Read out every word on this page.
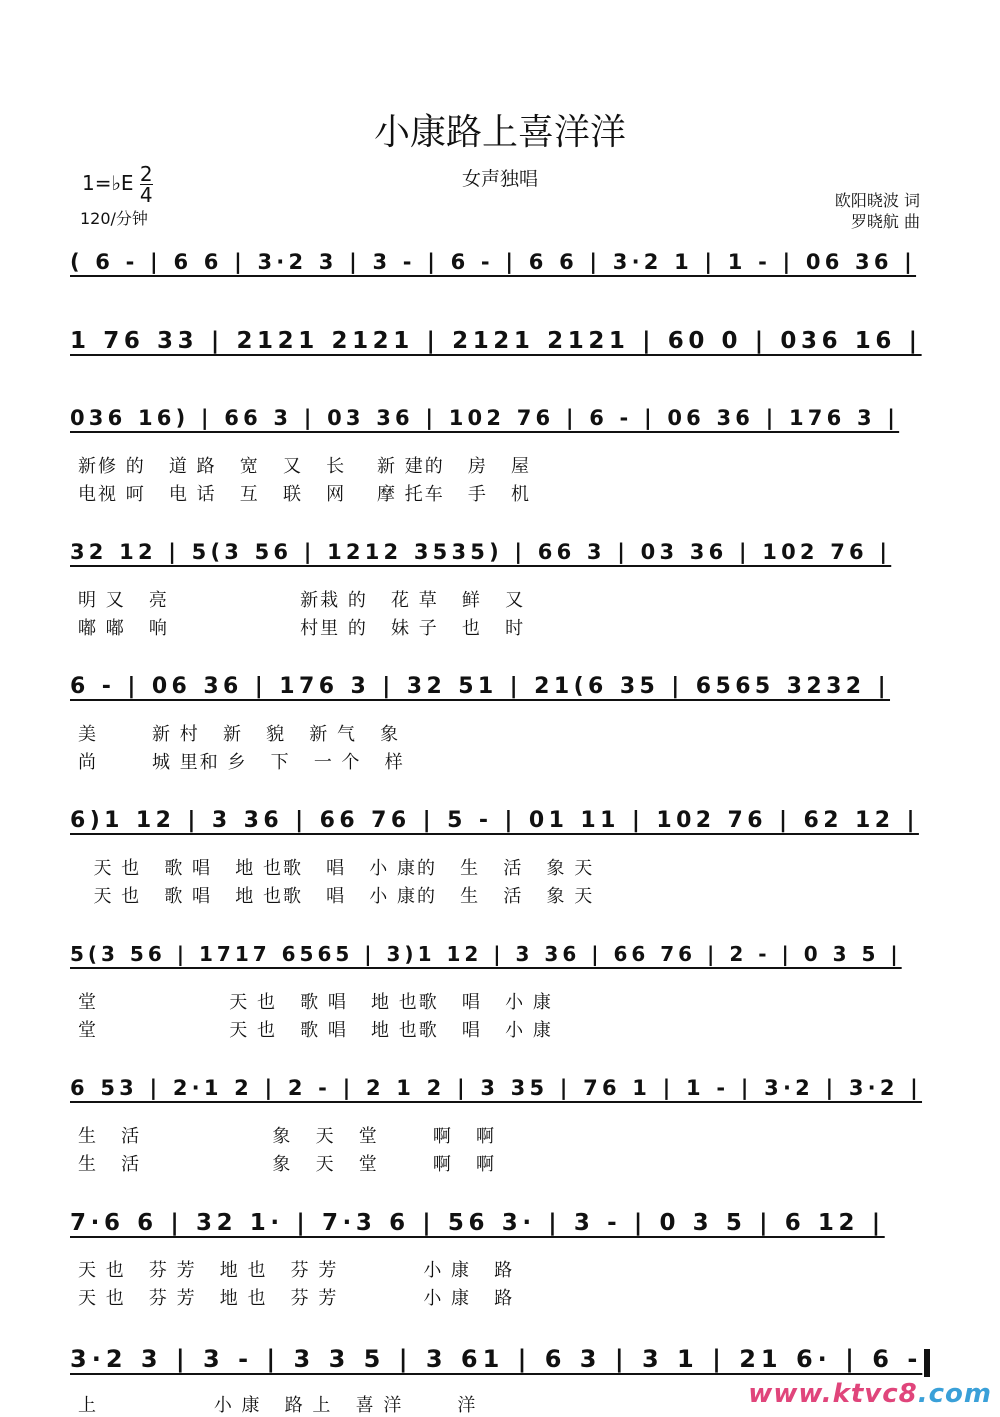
小康路上喜洋洋
女声独唱
1=♭E $\frac{2}{4}$
120/分钟
欧阳晓波 词
罗晓航 曲
( 6 - | 6 6 | 3·2 3 | 3 - | 6 - | 6 6 | 3·2 1 | 1 - | 06 36 |
1 76 33 | 2121 2121 | 2121 2121 | 60 0 | 036 16 |
036 16) | 66 3 | 03 36 | 102 76 | 6 - | 06 36 | 176 3 |
新修 的   道 路   宽   又   长    新 建的   房   屋
电视 呵   电 话   互   联   网    摩 托车   手   机
32 12 | 5(3 56 | 1212 3535) | 66 3 | 03 36 | 102 76 |
明 又   亮                 新栽 的   花 草   鲜   又
嘟 嘟   响                 村里 的   妹 子   也   时
6 - | 06 36 | 176 3 | 32 51 | 21(6 35 | 6565 3232 |
美       新 村   新   貌   新 气   象
尚       城 里和 乡   下   一 个   样
6)1 12 | 3 36 | 66 76 | 5 - | 01 11 | 102 76 | 62 12 |
天 也   歌 唱   地 也歌   唱   小 康的   生   活   象 天
天 也   歌 唱   地 也歌   唱   小 康的   生   活   象 天
5(3 56 | 1717 6565 | 3)1 12 | 3 36 | 66 76 | 2 - | 0 3 5 |
堂                 天 也   歌 唱   地 也歌   唱   小 康
堂                 天 也   歌 唱   地 也歌   唱   小 康
6 53 | 2·1 2 | 2 - | 2 1 2 | 3 35 | 76 1 | 1 - | 3·2 | 3·2 |
生   活                 象   天   堂       啊   啊
生   活                 象   天   堂       啊   啊
7·6 6 | 32 1· | 7·3 6 | 56 3· | 3 - | 0 3 5 | 6 12 |
天 也   芬 芳   地 也   芬 芳           小 康   路
天 也   芬 芳   地 也   芬 芳           小 康   路
3·2 3 | 3 - | 3 3 5 | 3 61 | 6 3 | 3 1 | 21 6· | 6 -
上               小 康   路 上   喜 洋       洋	www.ktvc8.com
